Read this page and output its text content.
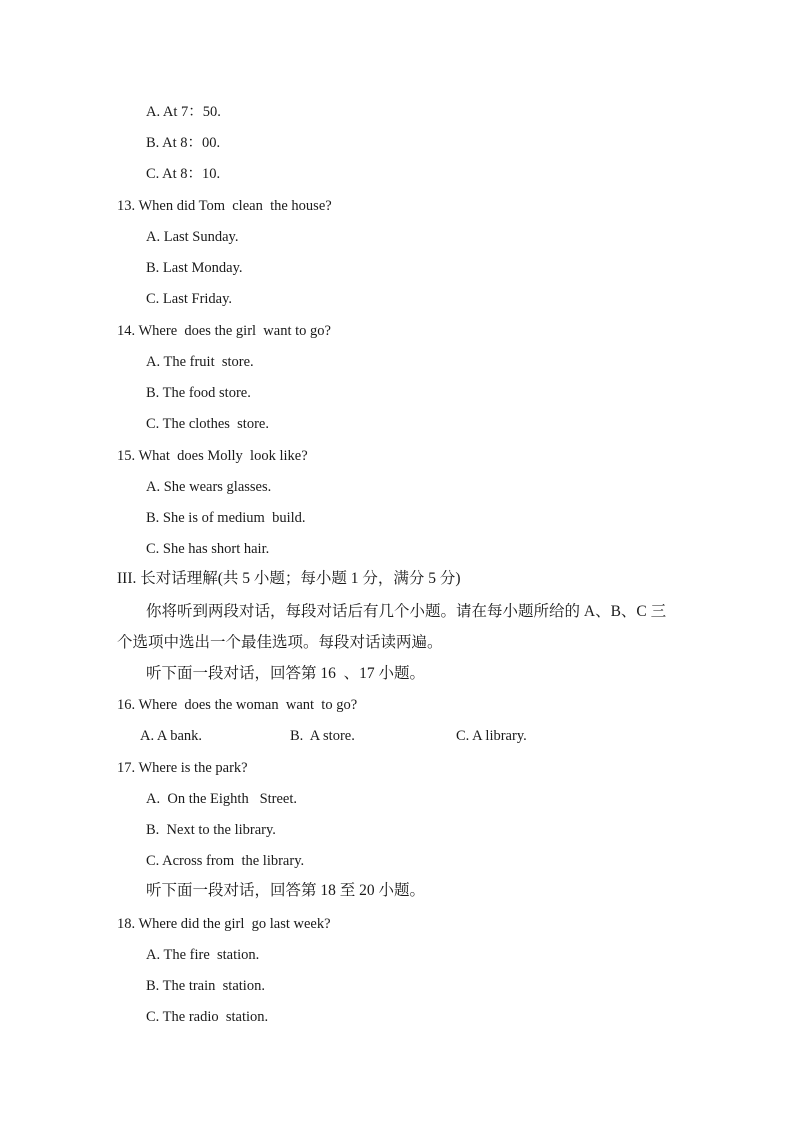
A. At 7：50.
B. At 8：00.
C. At 8：10.
13. When did Tom  clean  the house?
A. Last Sunday.
B. Last Monday.
C. Last Friday.
14. Where  does the girl  want to go?
A. The fruit  store.
B. The food store.
C. The clothes  store.
15. What  does Molly  look like?
A. She wears glasses.
B. She is of medium  build.
C. She has short hair.
III. 长对话理解(共 5 小题；每小题 1 分，满分 5 分)
你将听到两段对话，每段对话后有几个小题。请在每小题所给的 A、B、C 三
个选项中选出一个最佳选项。每段对话读两遍。
听下面一段对话，回答第 16  、17 小题。
16. Where  does the woman  want  to go?
A. A bank.	B.  A store.	C. A library.
17. Where is the park?
A.  On the Eighth   Street.
B.  Next to the library.
C. Across from  the library.
听下面一段对话，回答第 18 至 20 小题。
18. Where did the girl  go last week?
A. The fire  station.
B. The train  station.
C. The radio  station.
